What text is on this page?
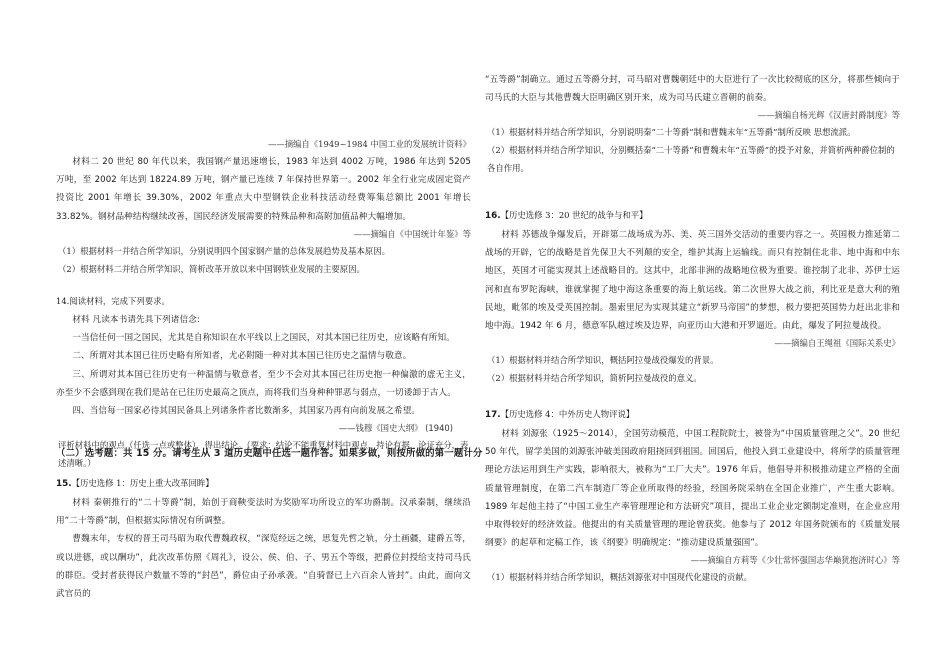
——摘编自《1949~1984 中国工业的发展统计资料》

材料二 20 世纪 80 年代以来，我国钢产量迅速增长，1983 年达到 4002 万吨，1986 年达到 5205 万吨，至 2002 年达到 18224.89 万吨，钢产量已连续 7 年保持世界第一。2002 年全行业完成固定资产投资比 2001 年增长 39.30%，2002 年重点大中型钢铁企业科技活动经费筹集总额比 2001 年增长 33.82%。钢材品种结构继续改善，国民经济发展需要的特殊品种和高附加值品种大幅增加。

——摘编自《中国统计年鉴》等

（1）根据材料一并结合所学知识，分别说明四个国家钢产量的总体发展趋势及基本原因。

（2）根据材料二并结合所学知识，简析改革开放以来中国钢铁业发展的主要原因。

14.阅读材料，完成下列要求。

材料 凡读本书请先具下列诸信念:

一当信任何一国之国民，尤其是自称知识在水平线以上之国民，对其本国已往历史，应该略有所知。

二、所谓对其本国已往历史略有所知者，尤必附随一种对其本国已往历史之温情与敬意。

三、所谓对其本国已往历史有一种温情与敬意者，至少不会对其本国已往历史抱一种偏激的虚无主义，亦至少不会感到现在我们是站在已往历史最高之顶点，而将我们当身种种罪恶与弱点，一切诿卸于古人。

四、当信每一国家必待其国民备具上列诸条件者比数渐多，其国家乃再有向前发展之希望。

——钱穆《国史大纲》 (1940)

评析材料中的观点（任选一点或整体），得出结论。（要求：结论不能重复材料中观点，持论有据，论证充分，表述清晰。）

（二）选考题：共 15 分。请考生从 3 道历史题中任选一题作答。如果多做，则按所做的第一题计分

15.【历史选修 1：历史上重大改革回眸】

材料 秦朝推行的“二十等爵”制，始创于商鞅变法时为奖励军功所设立的军功爵制。汉承秦制，继续沿用“二十等爵”制，但根据实际情况有所调整。

曹魏末年，专权的晋王司马昭为取代曹魏政权，“深览经远之统，思复先哲之轨，分土画疆，建爵五等，或以进德，或以酬功”，此次改革仿照《周礼》，设公、侯、伯、子、男五个等级，把爵位封授给支持司马氏的群臣。受封者获得民户数量不等的“封邑”，爵位由子孙承袭。“自骑督已上六百余人皆封”。由此，面向文武官员的

“五等爵”制确立。通过五等爵分封，司马昭对曹魏朝廷中的大臣进行了一次比较彻底的区分，将那些倾向于司马氏的大臣与其他曹魏大臣明确区别开来，成为司马氏建立晋朝的前奏。

——摘编自杨光辉《汉唐封爵制度》等

（1）根据材料并结合所学知识，分别说明秦“二十等爵”制和曹魏末年“五等爵”制所反映 思想流派。

（2）根据材料并结合所学知识，分别概括秦“二十等爵”和曹魏末年“五等爵”的授予对象，并简析两种爵位制的各自作用。

16.【历史选修 3：20 世纪的战争与和平】

材料 苏德战争爆发后，开辟第二战场成为苏、美、英三国外交活动的重要内容之一。英国极力推延第二战场的开辟，它的战略是首先保卫大不列颠的安全，维护其海上运输线。而只有控制住北非、地中海和中东地区，英国才可能实现其上述战略目的。这其中，北部非洲的战略地位极为重要。谁控制了北非、苏伊士运河和直布罗陀海峡，谁就掌握了地中海这条重要的海上航运线。第二次世界大战之前，利比亚是意大利的殖民地，毗邻的埃及受英国控制。墨索里尼为实现其建立“新罗马帝国”的梦想，极力要把英国势力赶出北非和地中海。1942 年 6 月，德意军队越过埃及边界，向亚历山大港和开罗逼近。由此，爆发了阿拉曼战役。

——摘编自王绳祖《国际关系史》

（1）根据材料并结合所学知识，概括阿拉曼战役爆发的背景。

（2）根据材料并结合所学知识，简析阿拉曼战役的意义。

17.【历史选修 4：中外历史人物评说】

材料 刘源张（1925～2014），全国劳动模范，中国工程院院士，被誉为“中国质量管理之父”。20 世纪 50 年代，留学美国的刘源张冲破美国政府阻挠回到祖国。回国后，他投入到工业建设中，将所学的质量管理理论方法运用到生产实践，影响很大，被称为“工厂大夫”。1976 年后，他倡导并积极推动建立严格的全面质量管理制度，在第二汽车制造厂等企业所取得的经验，经国务院采纳在全国企业推广，产生重大影响。1989 年起他主持了“中国工业生产率管理理论和方法研究”项目，提出工业企业定额制定准则，在企业应用中取得较好的经济效益。他提出的有关质量管理的理论曾获奖。他参与了 2012 年国务院颁布的《质量发展纲要》的起草和定稿工作，该《纲要》明确规定：“推动建设质量强国”。

——摘编自方莉等《少壮常怀强国志华巅犹抱济时心》等

（1）根据材料并结合所学知识，概括刘源张对中国现代化建设的贡献。
